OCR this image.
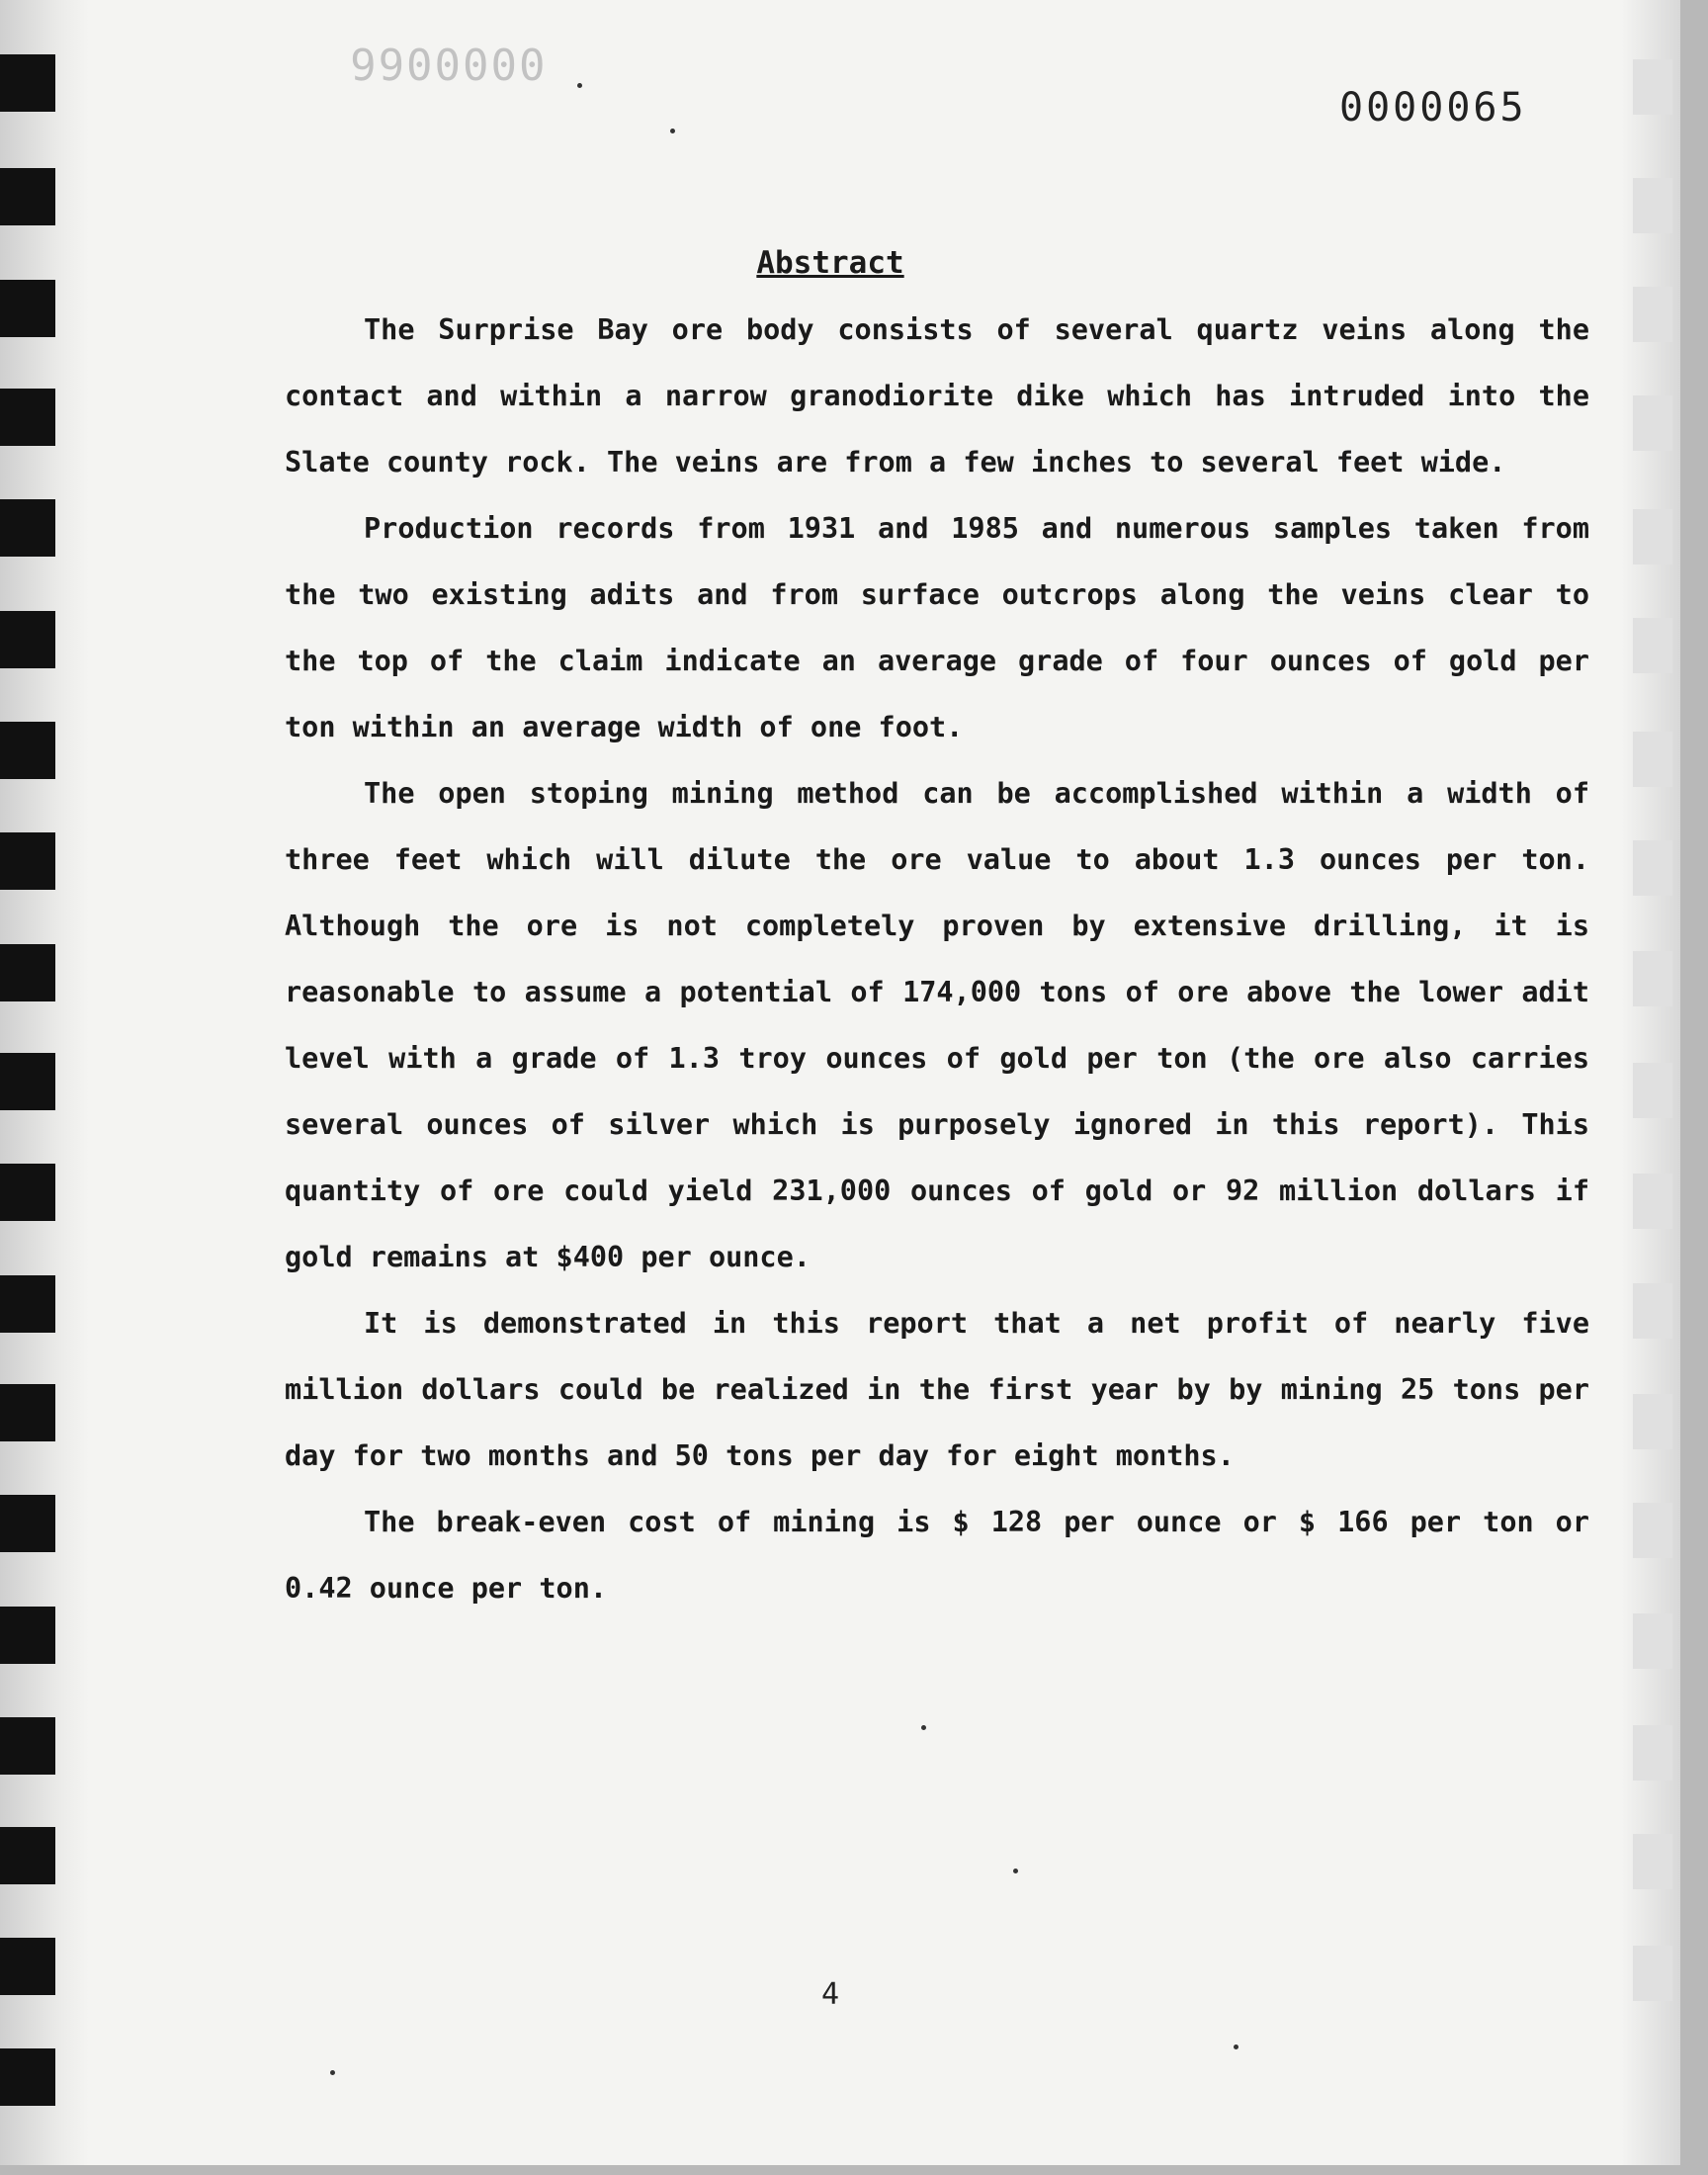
0000066
0000065
Abstract

The Surprise Bay ore body consists of several quartz veins along the contact and within a narrow granodiorite dike which has intruded into the Slate county rock. The veins are from a few inches to several feet wide.

Production records from 1931 and 1985 and numerous samples taken from the two existing adits and from surface outcrops along the veins clear to the top of the claim indicate an average grade of four ounces of gold per ton within an average width of one foot.

The open stoping mining method can be accomplished within a width of three feet which will dilute the ore value to about 1.3 ounces per ton. Although the ore is not completely proven by extensive drilling, it is reasonable to assume a potential of 174,000 tons of ore above the lower adit level with a grade of 1.3 troy ounces of gold per ton (the ore also carries several ounces of silver which is purposely ignored in this report). This quantity of ore could yield 231,000 ounces of gold or 92 million dollars if gold remains at $400 per ounce.

It is demonstrated in this report that a net profit of nearly five million dollars could be realized in the first year by by mining 25 tons per day for two months and 50 tons per day for eight months.

The break-even cost of mining is $ 128 per ounce or $ 166 per ton or 0.42 ounce per ton.

4
